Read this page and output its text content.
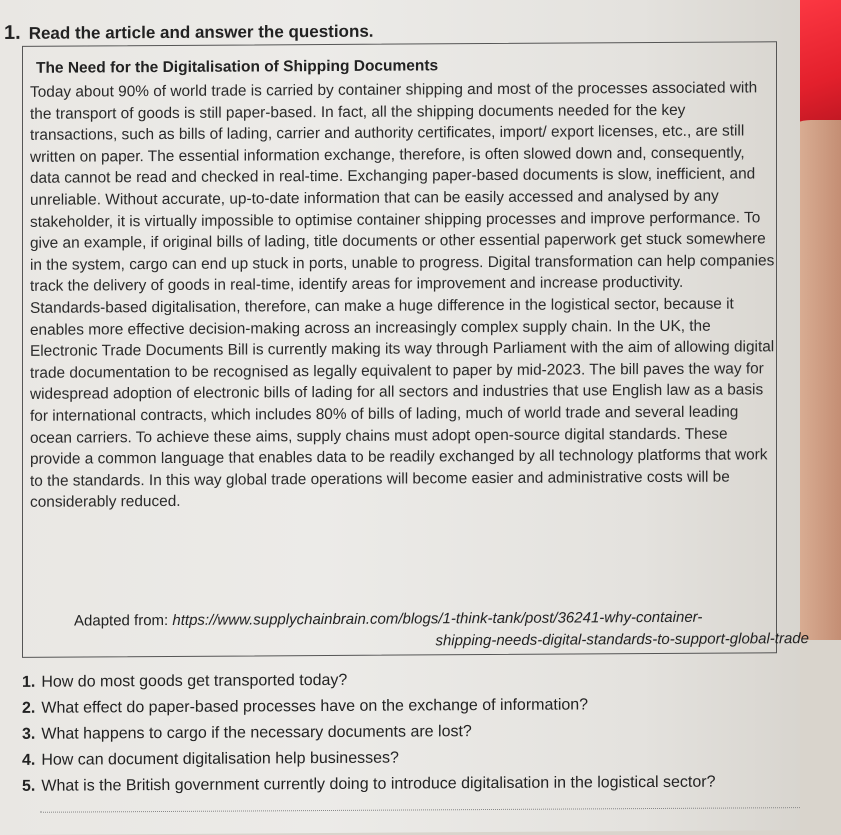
1. Read the article and answer the questions.
The Need for the Digitalisation of Shipping Documents

Today about 90% of world trade is carried by container shipping and most of the processes associated with the transport of goods is still paper-based. In fact, all the shipping documents needed for the key transactions, such as bills of lading, carrier and authority certificates, import/ export licenses, etc., are still written on paper. The essential information exchange, therefore, is often slowed down and, consequently, data cannot be read and checked in real-time. Exchanging paper-based documents is slow, inefficient, and unreliable. Without accurate, up-to-date information that can be easily accessed and analysed by any stakeholder, it is virtually impossible to optimise container shipping processes and improve performance. To give an example, if original bills of lading, title documents or other essential paperwork get stuck somewhere in the system, cargo can end up stuck in ports, unable to progress. Digital transformation can help companies track the delivery of goods in real-time, identify areas for improvement and increase productivity.

Standards-based digitalisation, therefore, can make a huge difference in the logistical sector, because it enables more effective decision-making across an increasingly complex supply chain. In the UK, the Electronic Trade Documents Bill is currently making its way through Parliament with the aim of allowing digital trade documentation to be recognised as legally equivalent to paper by mid-2023. The bill paves the way for widespread adoption of electronic bills of lading for all sectors and industries that use English law as a basis for international contracts, which includes 80% of bills of lading, much of world trade and several leading ocean carriers. To achieve these aims, supply chains must adopt open-source digital standards. These provide a common language that enables data to be readily exchanged by all technology platforms that work to the standards. In this way global trade operations will become easier and administrative costs will be considerably reduced.

Adapted from: https://www.supplychainbrain.com/blogs/1-think-tank/post/36241-why-container-
shipping-needs-digital-standards-to-support-global-trade
1. How do most goods get transported today?
2. What effect do paper-based processes have on the exchange of information?
3. What happens to cargo if the necessary documents are lost?
4. How can document digitalisation help businesses?
5. What is the British government currently doing to introduce digitalisation in the logistical sector?
